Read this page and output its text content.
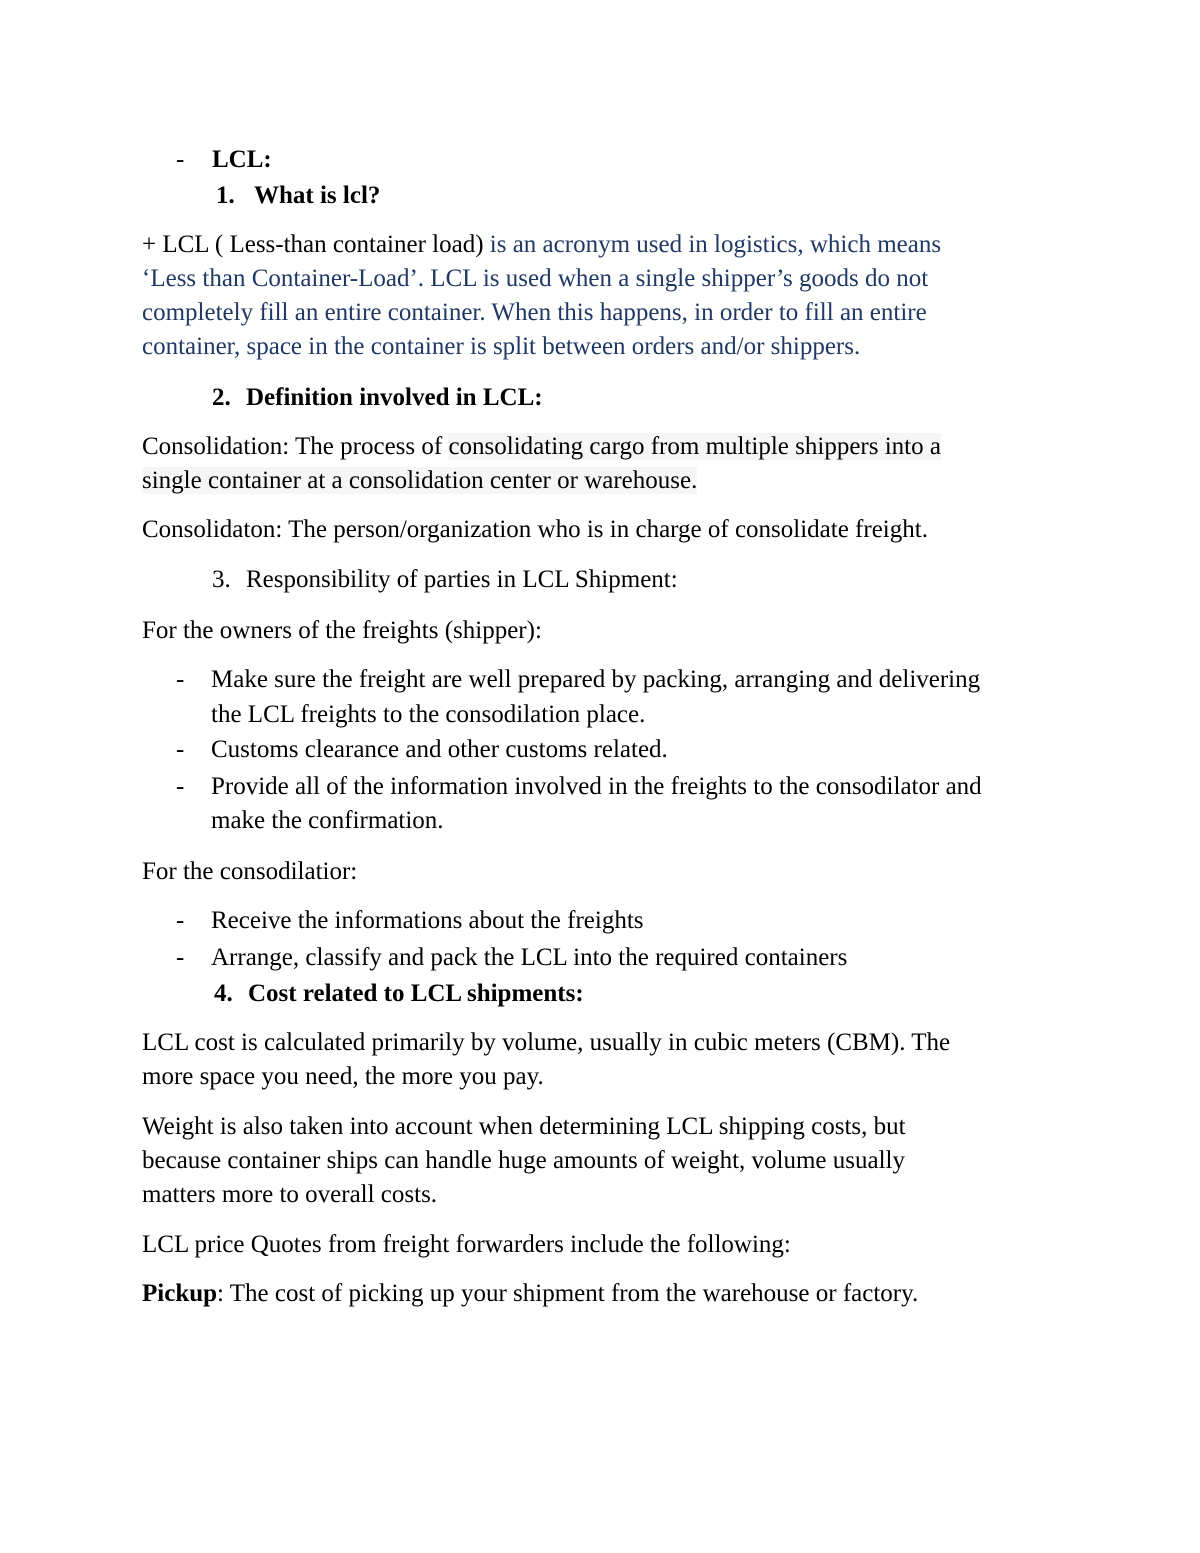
- LCL:
1. What is lcl?
+ LCL ( Less-than container load) is an acronym used in logistics, which means
‘Less than Container-Load’. LCL is used when a single shipper’s goods do not
completely fill an entire container. When this happens, in order to fill an entire
container, space in the container is split between orders and/or shippers.
2. Definition involved in LCL:
Consolidation: The process of consolidating cargo from multiple shippers into a
single container at a consolidation center or warehouse.
Consolidaton: The person/organization who is in charge of consolidate freight.
3. Responsibility of parties in LCL Shipment:
For the owners of the freights (shipper):
- Make sure the freight are well prepared by packing, arranging and delivering
the LCL freights to the consodilation place.
- Customs clearance and other customs related.
- Provide all of the information involved in the freights to the consodilator and
make the confirmation.
For the consodilatior:
- Receive the informations about the freights
- Arrange, classify and pack the LCL into the required containers
4. Cost related to LCL shipments:
LCL cost is calculated primarily by volume, usually in cubic meters (CBM). The
more space you need, the more you pay.
Weight is also taken into account when determining LCL shipping costs, but
because container ships can handle huge amounts of weight, volume usually
matters more to overall costs.
LCL price Quotes from freight forwarders include the following:
Pickup: The cost of picking up your shipment from the warehouse or factory.
